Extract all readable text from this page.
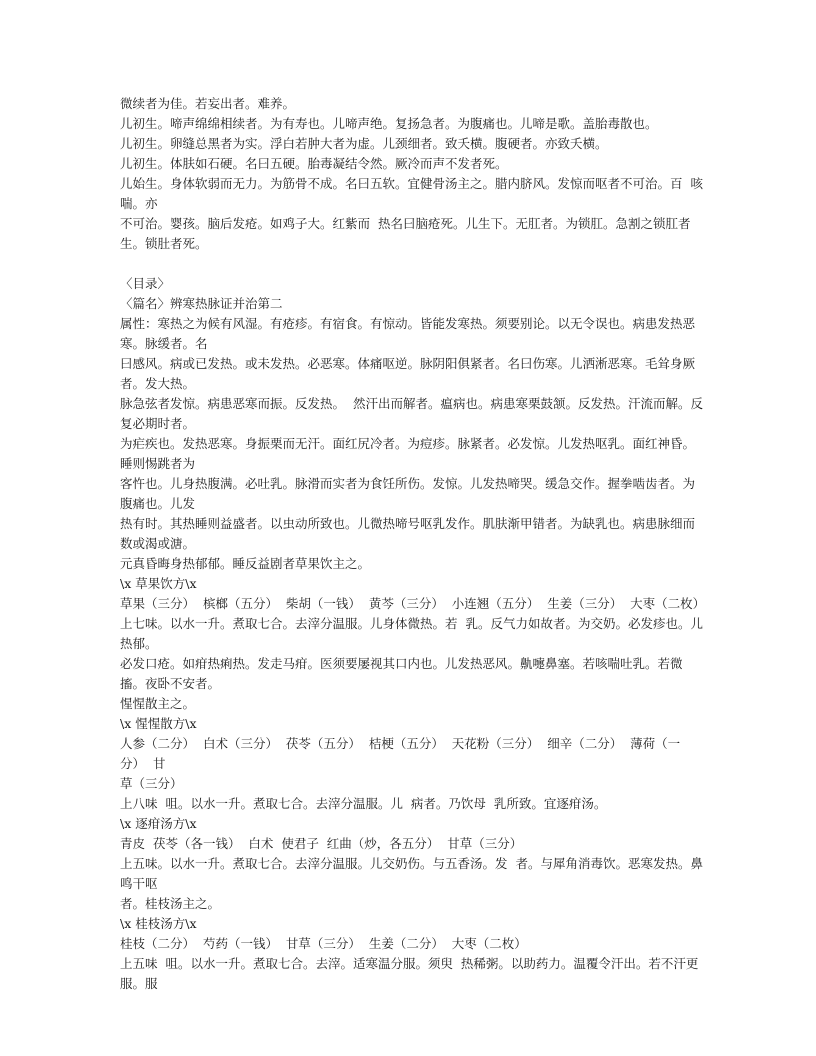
微续者为佳。若妄出者。难养。
儿初生。啼声绵绵相续者。为有寿也。儿啼声绝。复扬急者。为腹痛也。儿啼是歌。盖胎毒散也。
儿初生。卵缝总黑者为实。浮白若肿大者为虚。儿颈细者。致夭横。腹硬者。亦致夭横。
儿初生。体肤如石硬。名曰五硬。胎毒凝结令然。厥冷而声不发者死。
儿始生。身体软弱而无力。为筋骨不成。名曰五软。宜健骨汤主之。腊内脐风。发惊而呕者不可治。百  咳喘。亦
不可治。婴孩。脑后发疮。如鸡子大。红紫而  热名曰脑疮死。儿生下。无肛者。为锁肛。急割之锁肛者生。锁肚者死。
〈目录〉
〈篇名〉辨寒热脉证并治第二
属性：寒热之为候有风湿。有疮疹。有宿食。有惊动。皆能发寒热。须要别论。以无令误也。病患发热恶寒。脉缓者。名
曰感风。病或已发热。或未发热。必恶寒。体痛呕逆。脉阴阳俱紧者。名曰伤寒。儿洒淅恶寒。毛耸身厥者。发大热。
脉急弦者发惊。病患恶寒而振。反发热。  然汗出而解者。瘟病也。病患寒栗鼓颔。反发热。汗流而解。反复必期时者。
为疟疾也。发热恶寒。身振栗而无汗。面红尻冷者。为痘疹。脉紧者。必发惊。儿发热呕乳。面红神昏。睡则惕跳者为
客忤也。儿身热腹满。必吐乳。脉滑而实者为食饪所伤。发惊。儿发热啼哭。缓急交作。握拳啮齿者。为腹痛也。儿发
热有时。其热睡则益盛者。以虫动所致也。儿微热啼号呕乳发作。肌肤渐甲错者。为缺乳也。病患脉细而数或渴或溏。
元真昏晦身热郁郁。睡反益剧者草果饮主之。
\x 草果饮方\x
草果（三分）  槟榔（五分）  柴胡（一钱）  黄芩（三分）  小连翘（五分）  生姜（三分）  大枣（二枚）
上七味。以水一升。煮取七合。去滓分温服。儿身体微热。若  乳。反气力如故者。为交奶。必发疹也。儿热郁。
必发口疮。如疳热痢热。发走马疳。医须要屡视其口内也。儿发热恶风。鼽嚏鼻塞。若咳喘吐乳。若微搐。夜卧不安者。
惺惺散主之。
\x 惺惺散方\x
人参（二分）  白术（三分）  茯苓（五分）  桔梗（五分）  天花粉（三分）  细辛（二分）  薄荷（一分）  甘
草（三分）
上八味  咀。以水一升。煮取七合。去滓分温服。儿  病者。乃饮母  乳所致。宜逐疳汤。
\x 逐疳汤方\x
青皮  茯苓（各一钱）  白术  使君子  红曲（炒，各五分）  甘草（三分）
上五味。以水一升。煮取七合。去滓分温服。儿交奶伤。与五香汤。发  者。与犀角消毒饮。恶寒发热。鼻鸣干呕
者。桂枝汤主之。
\x 桂枝汤方\x
桂枝（二分）  芍药（一钱）  甘草（三分）  生姜（二分）  大枣（二枚）
上五味  咀。以水一升。煮取七合。去滓。适寒温分服。须臾  热稀粥。以助药力。温覆令汗出。若不汗更服。服
